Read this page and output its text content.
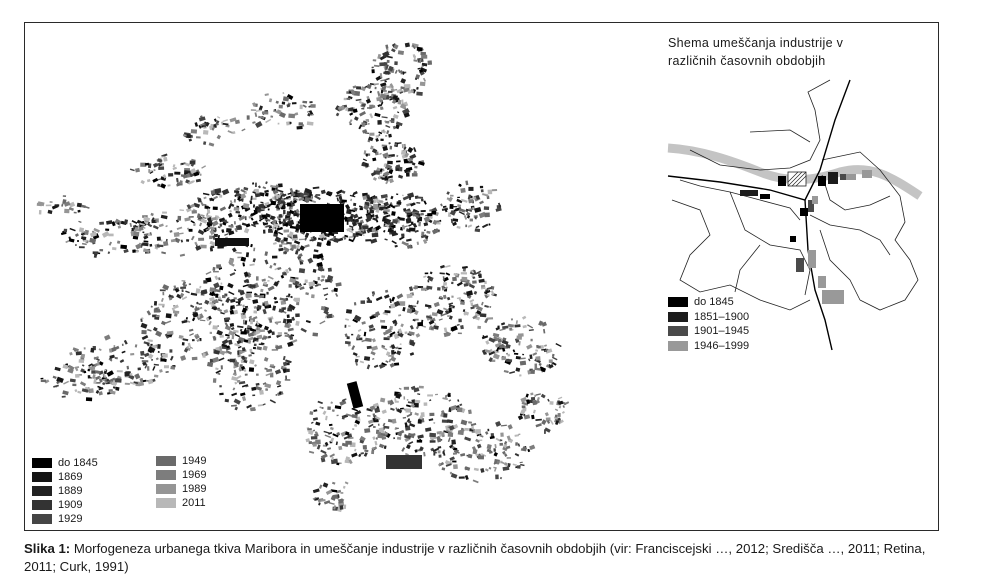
do 1845
1869
1889
1909
1929
1949
1969
1989
2011
Shema umeščanja industrije v
različnih časovnih obdobjih
do 1845
1851–1900
1901–1945
1946–1999
Slika 1: Morfogeneza urbanega tkiva Maribora in umeščanje industrije v različnih časovnih obdobjih (vir: Franciscejski …, 2012; Središča …, 2011; Retina, 2011; Curk, 1991)
